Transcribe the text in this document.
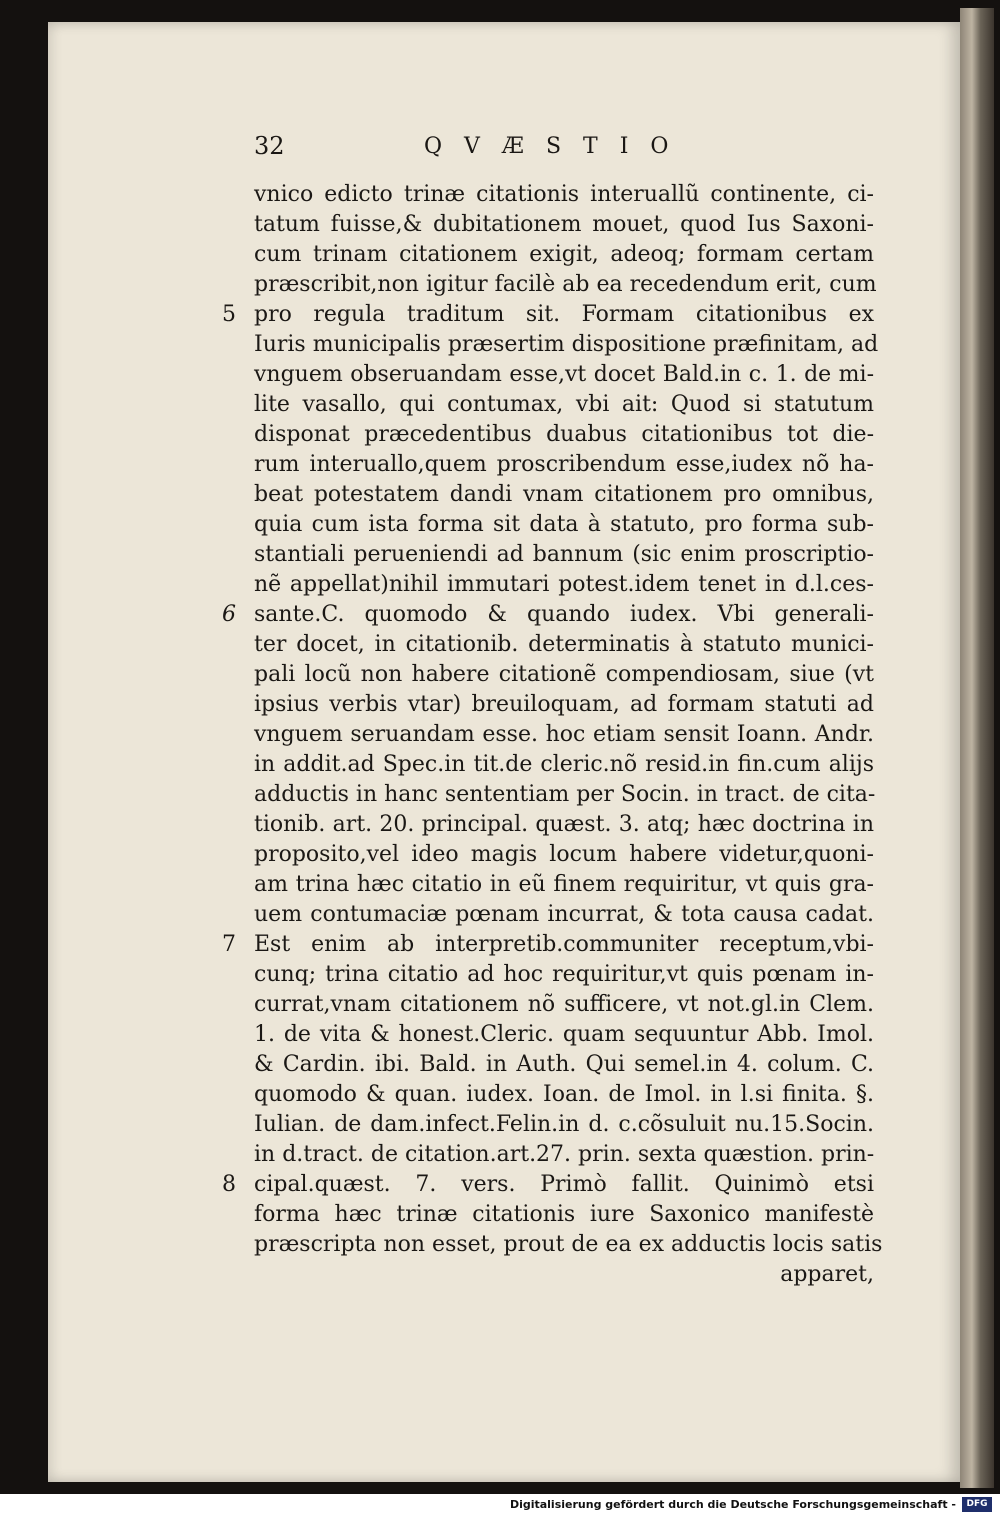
32	QVÆSTIO
vnico edicto trinæ citationis interuallũ continente, ci-
tatum fuisse,& dubitationem mouet, quod Ius Saxoni-
cum trinam citationem exigit, adeoq; formam certam
præscribit,non igitur facilè ab ea recedendum erit, cum
5 pro regula traditum sit. Formam citationibus ex
Iuris municipalis præsertim dispositione præfinitam, ad
vnguem obseruandam esse,vt docet Bald.in c. 1. de mi-
lite vasallo, qui contumax, vbi ait: Quod si statutum
disponat præcedentibus duabus citationibus tot die-
rum interuallo,quem proscribendum esse,iudex nõ ha-
beat potestatem dandi vnam citationem pro omnibus,
quia cum ista forma sit data à statuto, pro forma sub-
stantiali perueniendi ad bannum (sic enim proscriptio-
nẽ appellat)nihil immutari potest.idem tenet in d.l.ces-
6 sante.C. quomodo & quando iudex. Vbi generali-
ter docet, in citationib. determinatis à statuto munici-
pali locũ non habere citationẽ compendiosam, siue (vt
ipsius verbis vtar) breuiloquam, ad formam statuti ad
vnguem seruandam esse. hoc etiam sensit Ioann. Andr.
in addit.ad Spec.in tit.de cleric.nõ resid.in fin.cum alijs
adductis in hanc sententiam per Socin. in tract. de cita-
tionib. art. 20. principal. quæst. 3. atq; hæc doctrina in
proposito,vel ideo magis locum habere videtur,quoni-
am trina hæc citatio in eũ finem requiritur, vt quis gra-
uem contumaciæ pœnam incurrat, & tota causa cadat.
7 Est enim ab interpretib.communiter receptum,vbi-
cunq; trina citatio ad hoc requiritur,vt quis pœnam in-
currat,vnam citationem nõ sufficere, vt not.gl.in Clem.
1. de vita & honest.Cleric. quam sequuntur Abb. Imol.
& Cardin. ibi. Bald. in Auth. Qui semel.in 4. colum. C.
quomodo & quan. iudex. Ioan. de Imol. in l.si finita. §.
Iulian. de dam.infect.Felin.in d. c.cõsuluit nu.15.Socin.
in d.tract. de citation.art.27. prin. sexta quæstion. prin-
8 cipal.quæst. 7. vers. Primò fallit. Quinimò etsi
forma hæc trinæ citationis iure Saxonico manifestè
præscripta non esset, prout de ea ex adductis locis satis
apparet,
Digitalisierung gefördert durch die Deutsche Forschungsgemeinschaft -	DFG
